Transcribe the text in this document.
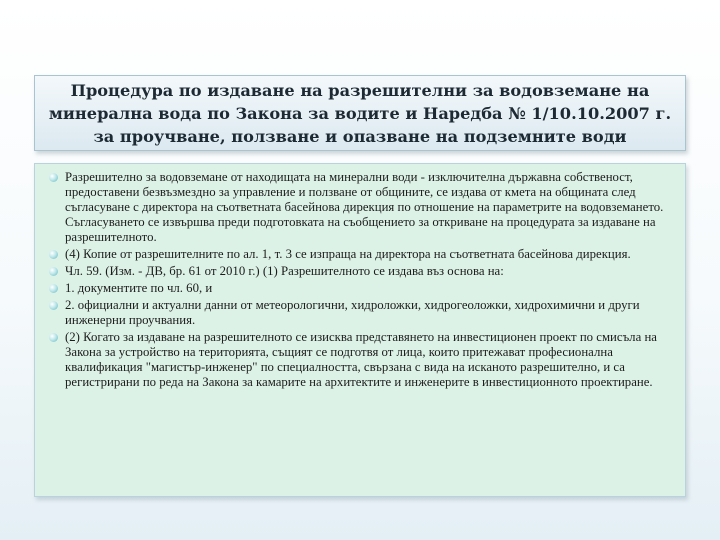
Процедура по издаване на разрешителни за водовземане на минерална вода по Закона за водите и Наредба № 1/10.10.2007 г. за проучване, ползване и опазване на подземните води
Разрешително за водовземане от находищата на минерални води - изключителна държавна собственост, предоставени безвъзмездно за управление и ползване от общините, се издава от кмета на общината след съгласуване с директора на съответната басейнова дирекция по отношение на параметрите на водовземането. Съгласуването се извършва преди подготовката на съобщението за откриване на процедурата за издаване на разрешителното.
(4) Копие от разрешителните по ал. 1, т. 3 се изпраща на директора на съответната басейнова дирекция.
Чл. 59. (Изм. - ДВ, бр. 61 от 2010 г.) (1) Разрешителното се издава въз основа на:
1. документите по чл. 60, и
2. официални и актуални данни от метеорологични, хидроложки, хидрогеоложки, хидрохимични и други инженерни проучвания.
(2) Когато за издаване на разрешителното се изисква представянето на инвестиционен проект по смисъла на Закона за устройство на територията, същият се подготвя от лица, които притежават професионална квалификация "магистър-инженер" по специалността, свързана с вида на исканото разрешително, и са регистрирани по реда на Закона за камарите на архитектите и инженерите в инвестиционното проектиране.
